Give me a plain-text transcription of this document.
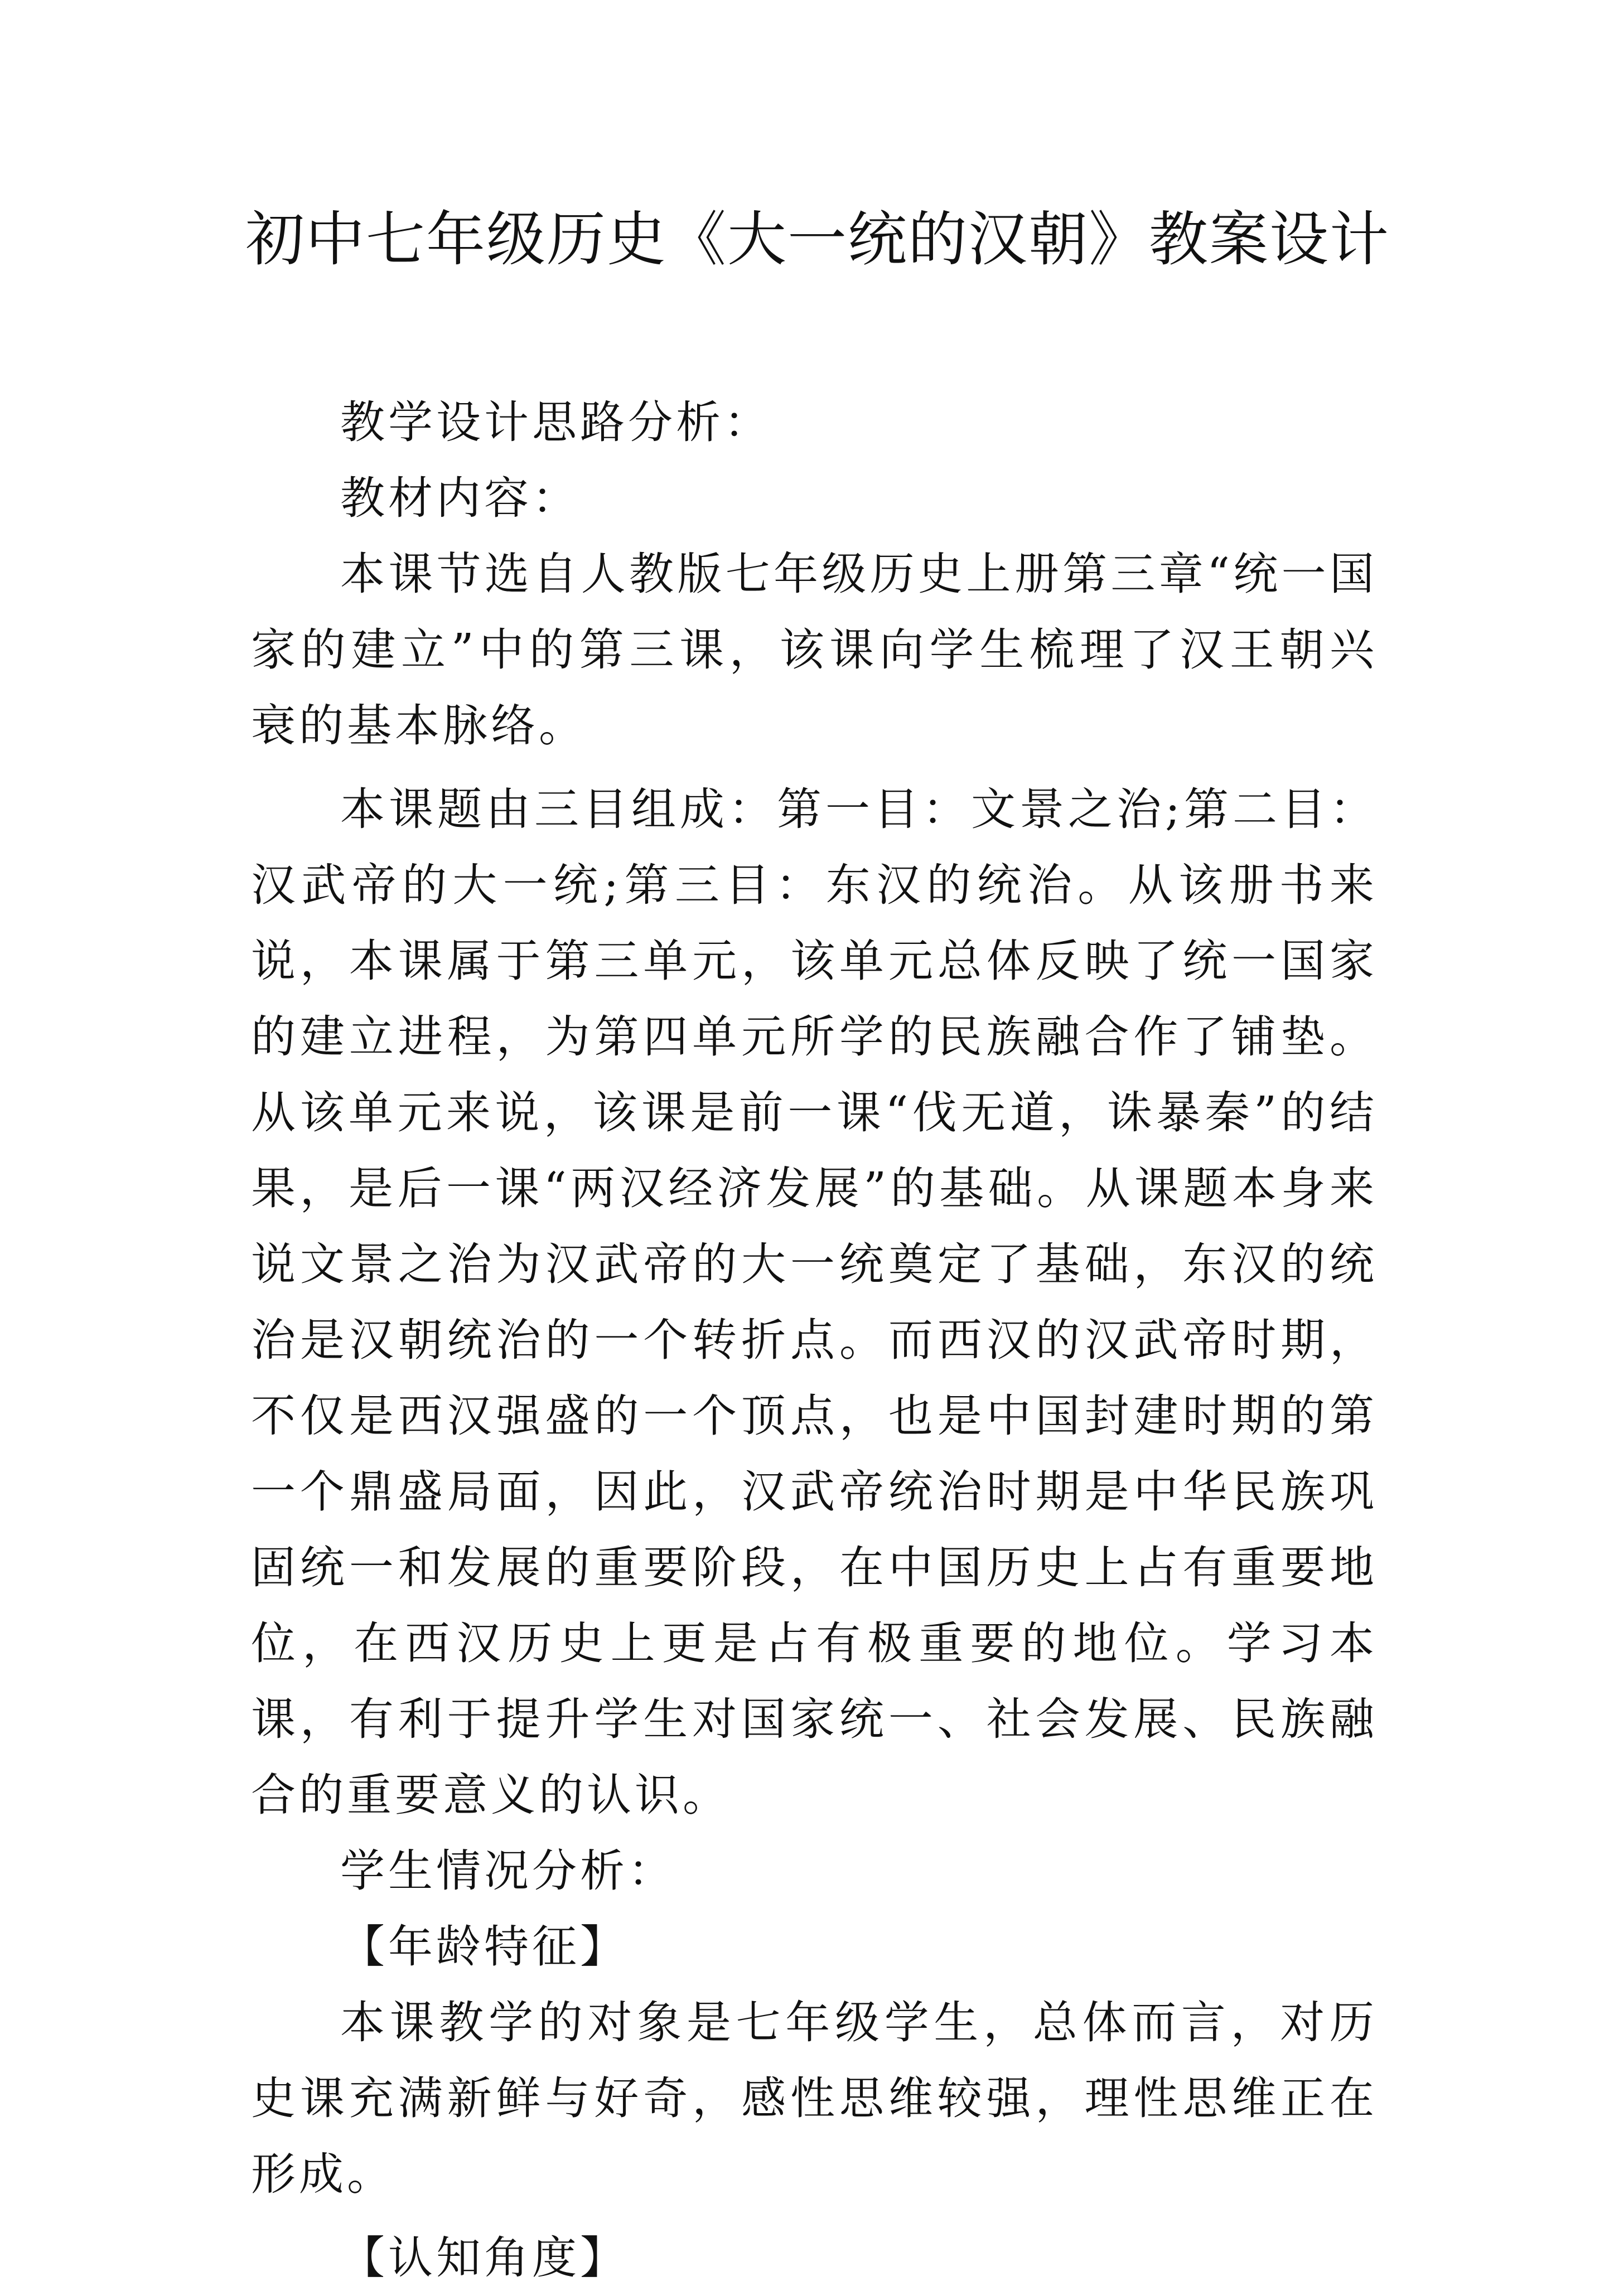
初中七年级历史《大一统的汉朝》教案设计

教学设计思路分析：

教材内容：

本课节选自人教版七年级历史上册第三章“统一国家的建立”中的第三课，该课向学生梳理了汉王朝兴衰的基本脉络。

本课题由三目组成：第一目：文景之治;第二目：汉武帝的大一统;第三目：东汉的统治。从该册书来说，本课属于第三单元，该单元总体反映了统一国家的建立进程，为第四单元所学的民族融合作了铺垫。从该单元来说，该课是前一课“伐无道，诛暴秦”的结果，是后一课“两汉经济发展”的基础。从课题本身来说文景之治为汉武帝的大一统奠定了基础，东汉的统治是汉朝统治的一个转折点。而西汉的汉武帝时期，不仅是西汉强盛的一个顶点，也是中国封建时期的第一个鼎盛局面，因此，汉武帝统治时期是中华民族巩固统一和发展的重要阶段，在中国历史上占有重要地位，在西汉历史上更是占有极重要的地位。学习本课，有利于提升学生对国家统一、社会发展、民族融合的重要意义的认识。

学生情况分析：

【年龄特征】

本课教学的对象是七年级学生，总体而言，对历史课充满新鲜与好奇，感性思维较强，理性思维正在形成。

【认知角度】
